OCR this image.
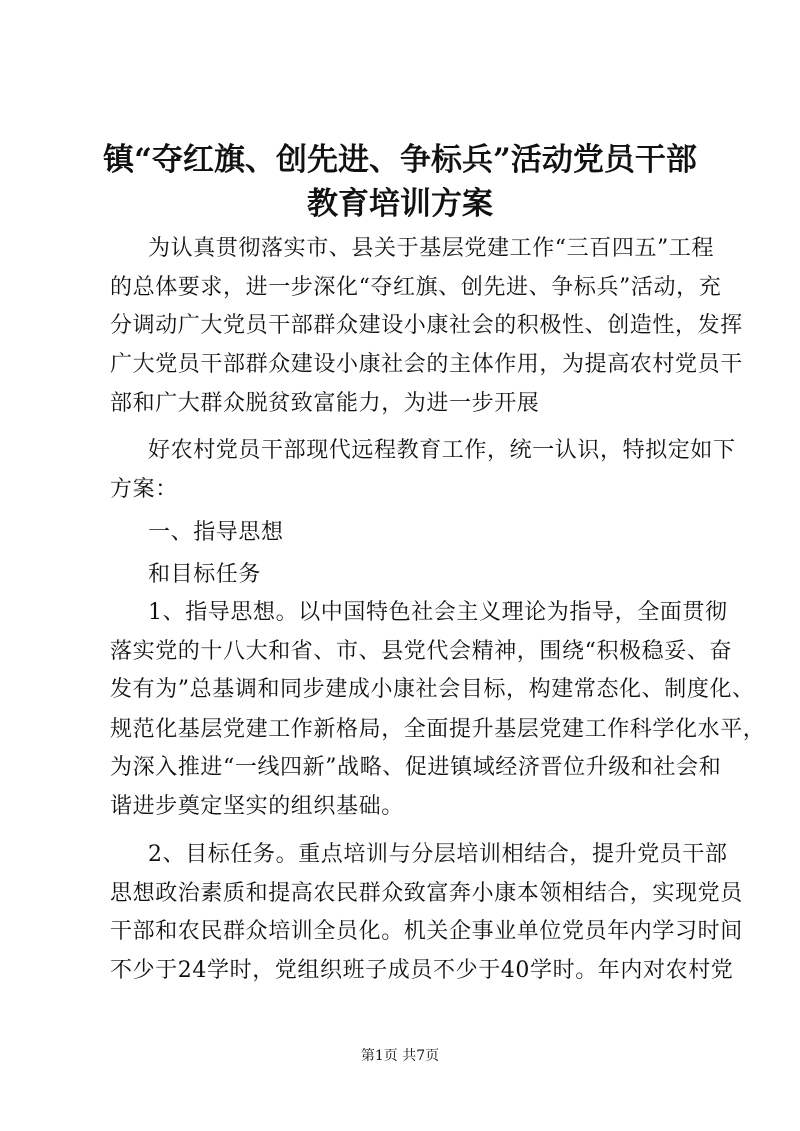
镇“夺红旗、创先进、争标兵”活动党员干部
教育培训方案
为认真贯彻落实市、县关于基层党建工作“三百四五”工程
的总体要求，进一步深化“夺红旗、创先进、争标兵”活动，充
分调动广大党员干部群众建设小康社会的积极性、创造性，发挥
广大党员干部群众建设小康社会的主体作用，为提高农村党员干
部和广大群众脱贫致富能力，为进一步开展
好农村党员干部现代远程教育工作，统一认识，特拟定如下
方案：
一、指导思想
和目标任务
1、指导思想。以中国特色社会主义理论为指导，全面贯彻
落实党的十八大和省、市、县党代会精神，围绕“积极稳妥、奋
发有为”总基调和同步建成小康社会目标，构建常态化、制度化、
规范化基层党建工作新格局，全面提升基层党建工作科学化水平，
为深入推进“一线四新”战略、促进镇域经济晋位升级和社会和
谐进步奠定坚实的组织基础。
2、目标任务。重点培训与分层培训相结合，提升党员干部
思想政治素质和提高农民群众致富奔小康本领相结合，实现党员
干部和农民群众培训全员化。机关企事业单位党员年内学习时间
不少于24学时，党组织班子成员不少于40学时。年内对农村党
第1页 共7页
